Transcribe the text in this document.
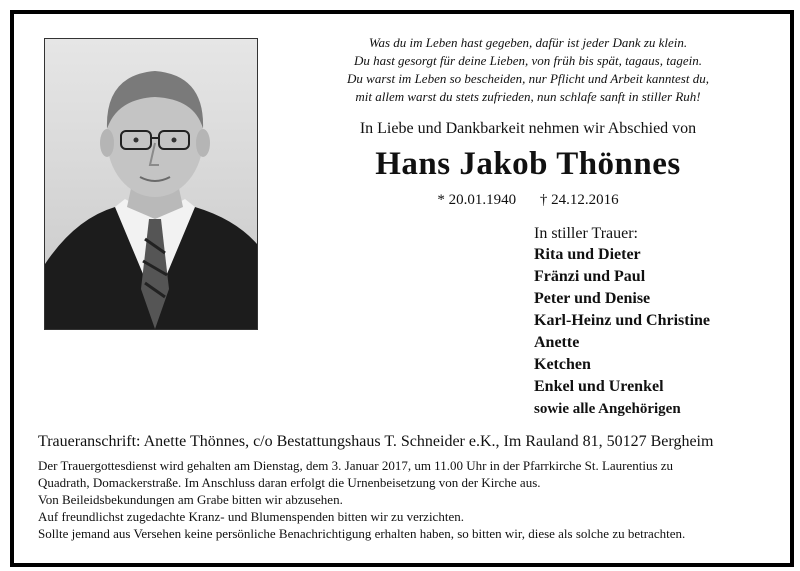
Was du im Leben hast gegeben, dafür ist jeder Dank zu klein.
Du hast gesorgt für deine Lieben, von früh bis spät, tagaus, tagein.
Du warst im Leben so bescheiden, nur Pflicht und Arbeit kanntest du,
mit allem warst du stets zufrieden, nun schlafe sanft in stiller Ruh!
In Liebe und Dankbarkeit nehmen wir Abschied von
Hans Jakob Thönnes
* 20.01.1940 † 24.12.2016
In stiller Trauer:
Rita und Dieter
Fränzi und Paul
Peter und Denise
Karl-Heinz und Christine
Anette
Ketchen
Enkel und Urenkel
sowie alle Angehörigen
Traueranschrift: Anette Thönnes, c/o Bestattungshaus T. Schneider e.K., Im Rauland 81, 50127 Bergheim
Der Trauergottesdienst wird gehalten am Dienstag, dem 3. Januar 2017, um 11.00 Uhr in der Pfarrkirche St. Laurentius zu
Quadrath, Domackerstraße. Im Anschluss daran erfolgt die Urnenbeisetzung von der Kirche aus.
Von Beileidsbekundungen am Grabe bitten wir abzusehen.
Auf freundlichst zugedachte Kranz- und Blumenspenden bitten wir zu verzichten.
Sollte jemand aus Versehen keine persönliche Benachrichtigung erhalten haben, so bitten wir, diese als solche zu betrachten.
